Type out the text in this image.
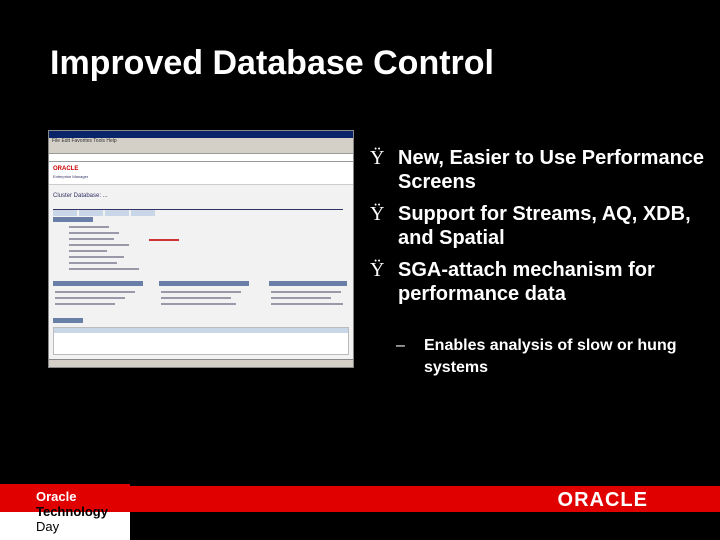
Improved Database Control
File Edit Favorites Tools Help
ORACLE
Enterprise Manager
Cluster Database: ...
Ÿ New, Easier to Use Performance Screens
Ÿ Support for Streams, AQ, XDB, and Spatial
Ÿ SGA-attach mechanism for performance data
– Enables analysis of slow or hung systems
Oracle
Technology
Day
ORACLE
